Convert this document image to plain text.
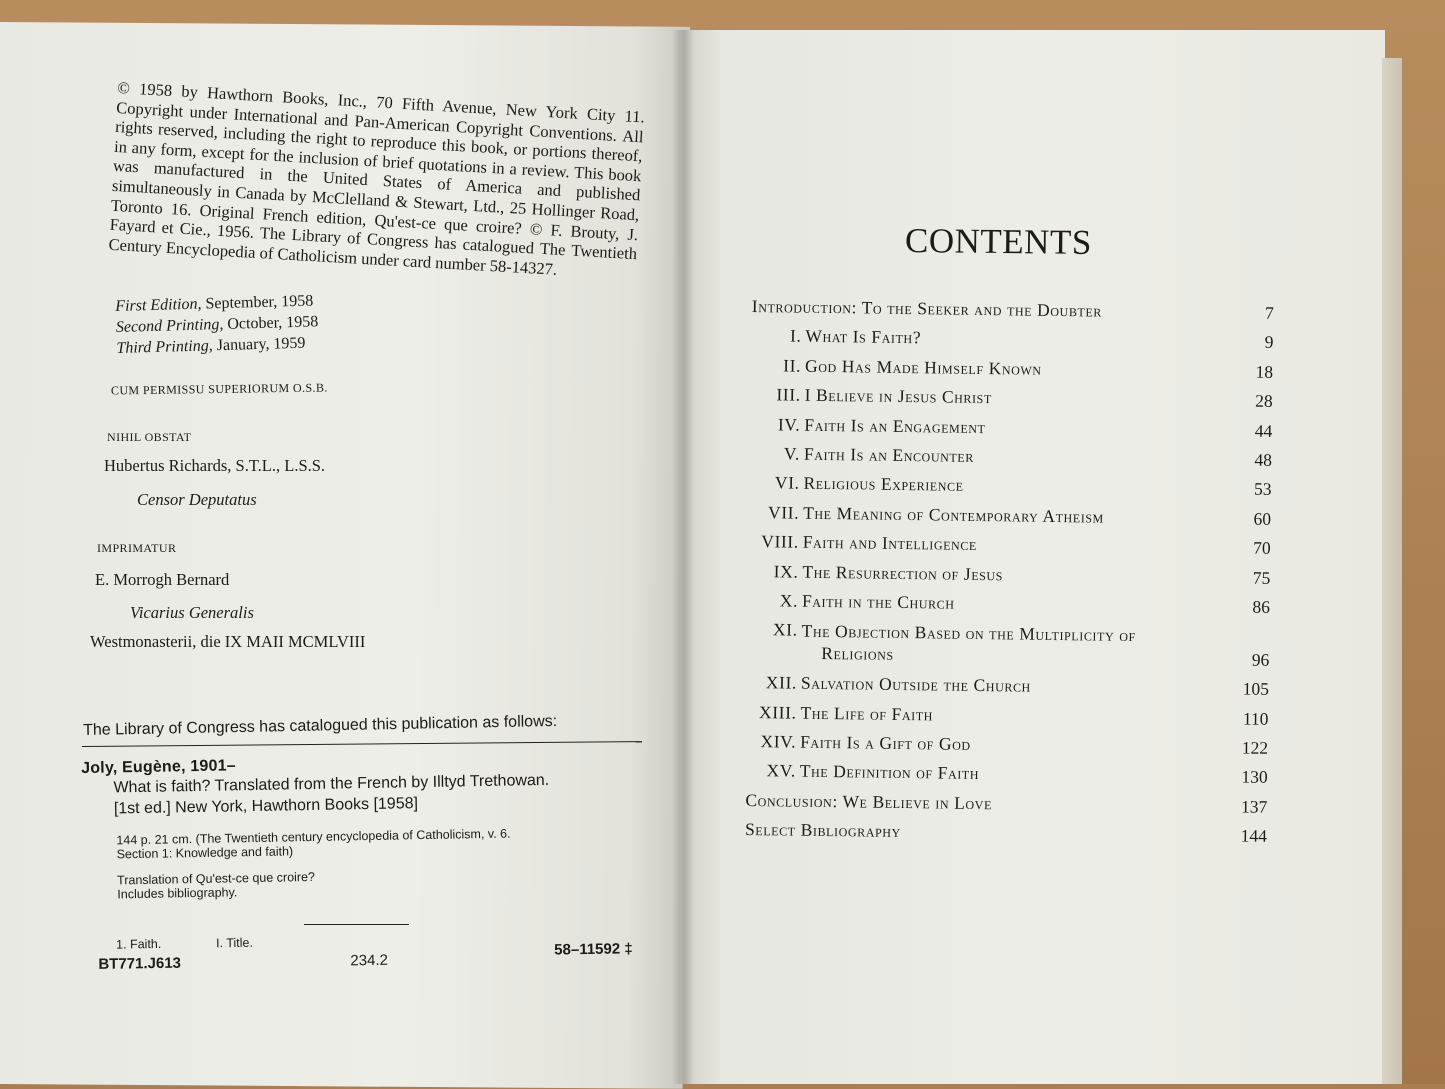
© 1958 by Hawthorn Books, Inc., 70 Fifth Avenue, New York City 11. Copyright under International and Pan-American Copyright Conventions. All rights reserved, including the right to reproduce this book, or portions thereof, in any form, except for the inclusion of brief quotations in a review. This book was manufactured in the United States of America and published simultaneously in Canada by McClelland & Stewart, Ltd., 25 Hollinger Road, Toronto 16. Original French edition, Qu'est-ce que croire? © F. Brouty, J. Fayard et Cie., 1956. The Library of Congress has catalogued The Twentieth Century Encyclopedia of Catholicism under card number 58-14327.

First Edition, September, 1958
Second Printing, October, 1958
Third Printing, January, 1959
CUM PERMISSU SUPERIORUM O.S.B.
NIHIL OBSTAT
Hubertus Richards, S.T.L., L.S.S.
Censor Deputatus
IMPRIMATUR
E. Morrogh Bernard
Vicarius Generalis
Westmonasterii, die IX MAII MCMLVIII
The Library of Congress has catalogued this publication as follows:
Joly, Eugène, 1901–
What is faith? Translated from the French by Illtyd Trethowan.
[1st ed.] New York, Hawthorn Books [1958]
144 p. 21 cm. (The Twentieth century encyclopedia of Catholicism, v. 6.
Section 1: Knowledge and faith)
Translation of Qu'est-ce que croire?
Includes bibliography.
1. Faith.	I. Title.
BT771.J613	234.2
58–11592 ‡
CONTENTS
Introduction: To the Seeker and the Doubter	7
I. What Is Faith?	9
II. God Has Made Himself Known	18
III. I Believe in Jesus Christ	28
IV. Faith Is an Engagement	44
V. Faith Is an Encounter	48
VI. Religious Experience	53
VII. The Meaning of Contemporary Atheism	60
VIII. Faith and Intelligence	70
IX. The Resurrection of Jesus	75
X. Faith in the Church	86
XI. The Objection Based on the Multiplicity of
Religions	96
XII. Salvation Outside the Church	105
XIII. The Life of Faith	110
XIV. Faith Is a Gift of God	122
XV. The Definition of Faith	130
Conclusion: We Believe in Love	137
Select Bibliography	144
